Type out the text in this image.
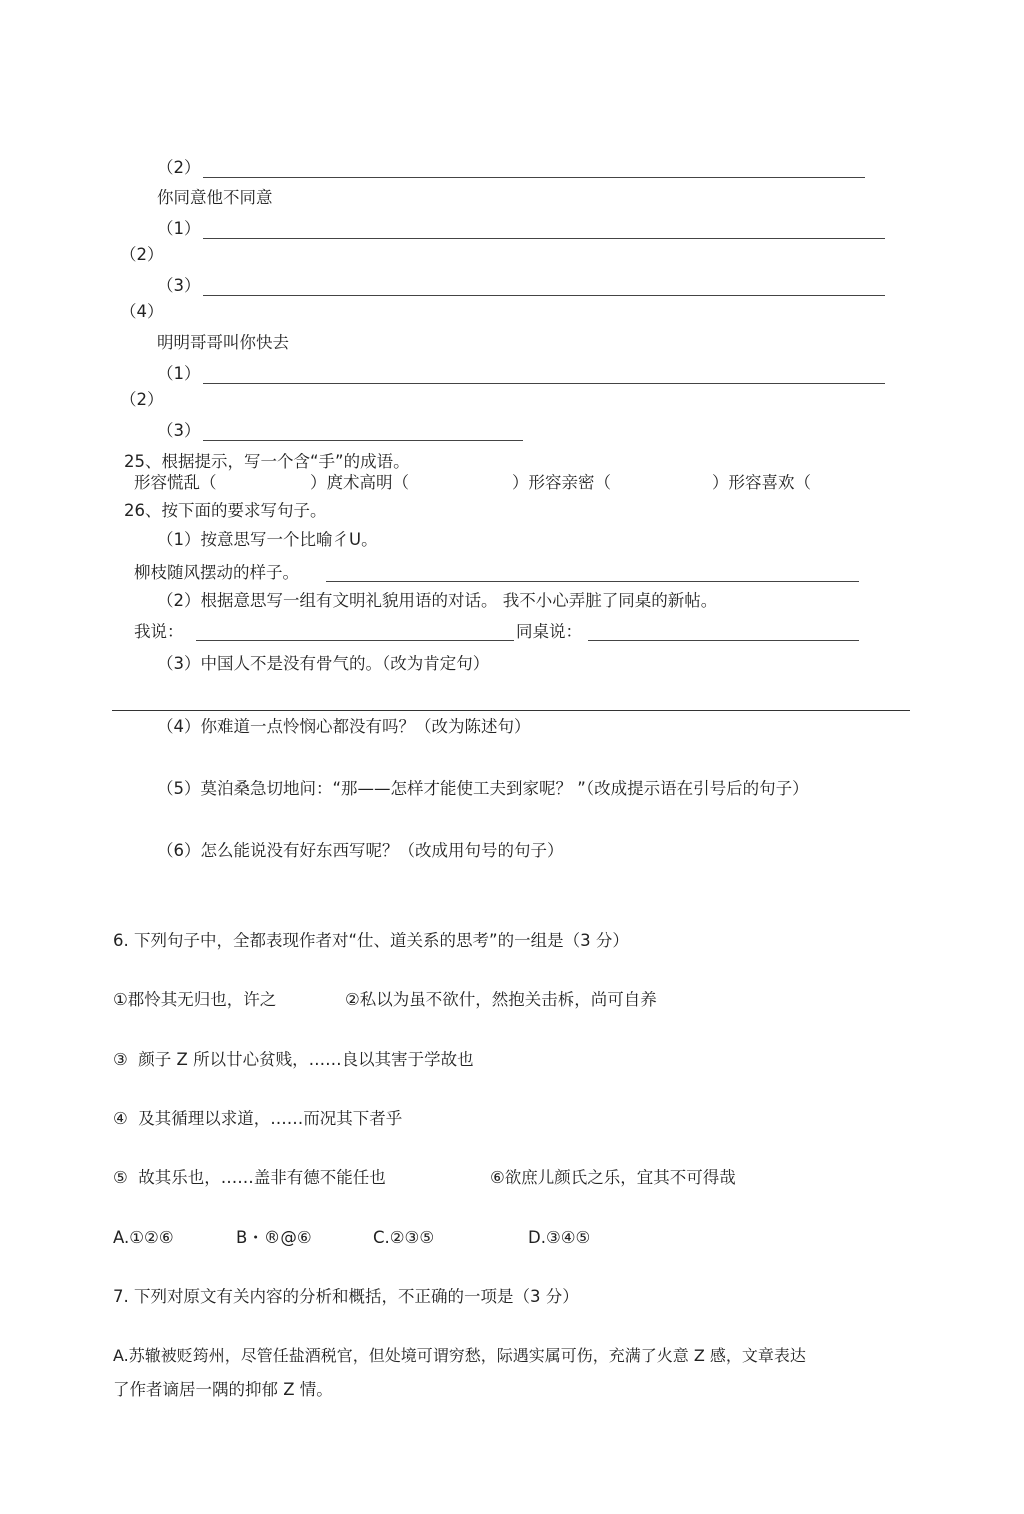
（2）
你同意他不同意
（1）
（2）
（3）
（4）
明明哥哥叫你快去
（1）
（2）
（3）
25、根据提示，写一个含“手”的成语。
形容慌乱（	）庹术高明（	）形容亲密（	）形容喜欢（
26、按下面的要求写句子。
（1）按意思写一个比喻彳U。
柳枝随风摆动的样子。
（2）根据意思写一组有文明礼貌用语的对话。 我不小心弄脏了同桌的新帖。
我说：	同桌说：
（3）中国人不是没有骨气的。（改为肯定句）
（4）你难道一点怜悯心都没有吗？（改为陈述句）
（5）莫泊桑急切地问：“那——怎样才能使工夫到家呢？ ”（改成提示语在引号后的句子）
（6）怎么能说没有好东西写呢？（改成用句号的句子）
6. 下列句子中，全都表现作者对“仕、道关系的思考”的一组是（3 分）
①郡怜其无归也，许之	②私以为虽不欲什，然抱关击柝，尚可自养
③  颜子 Z 所以廿心贫贱，……良以其害于学故也
④  及其循理以求道，……而况其下者乎
⑤  故其乐也，……盖非有德不能任也	⑥欲庶儿颜氏之乐，宜其不可得哉
A.①②⑥	B・®@⑥	C.②③⑤	D.③④⑤
7. 下列对原文有关内容的分析和概括，不正确的一项是（3 分）
A.苏辙被贬筠州，尽管任盐酒税官，但处境可谓穷愁，际遇实属可伤，充满了火意 Z 感，文章表达
了作者谪居一隅的抑郁 Z 情。
